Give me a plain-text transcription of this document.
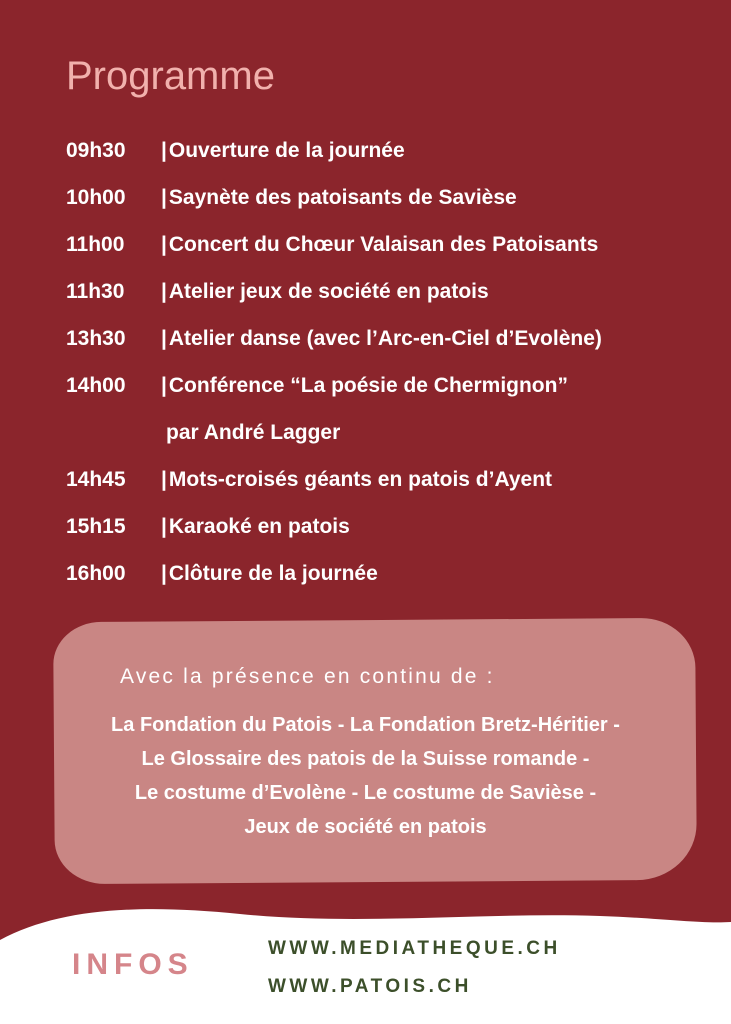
Programme
09h30	| Ouverture de la journée
10h00	| Saynète des patoisants de Savièse
11h00	| Concert du Chœur Valaisan des Patoisants
11h30	| Atelier jeux de société en patois
13h30	| Atelier danse (avec l’Arc-en-Ciel d’Evolène)
14h00	| Conférence “La poésie de Chermignon”
par André Lagger
14h45	| Mots-croisés géants en patois d’Ayent
15h15	| Karaoké en patois
16h00	| Clôture de la journée
Avec la présence en continu de :
La Fondation du Patois - La Fondation Bretz-Héritier -
Le Glossaire des patois de la Suisse romande -
Le costume d’Evolène - Le costume de Savièse -
Jeux de société en patois
INFOS	WWW.MEDIATHEQUE.CH
WWW.PATOIS.CH
